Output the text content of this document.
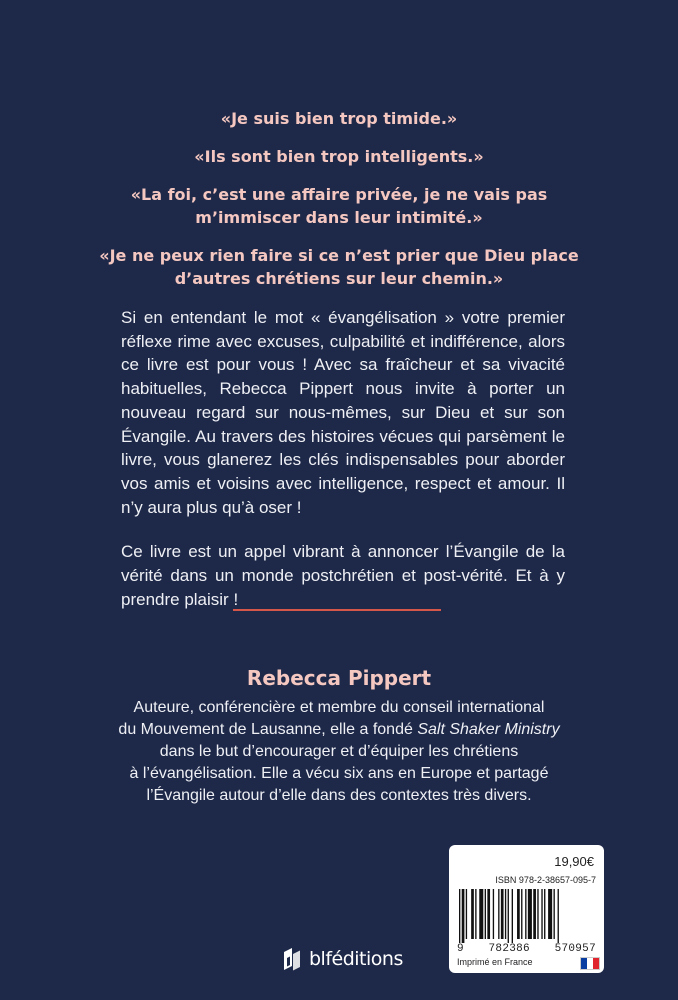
«Je suis bien trop timide.»
«Ils sont bien trop intelligents.»
«La foi, c’est une affaire privée, je ne vais pas
m’immiscer dans leur intimité.»
«Je ne peux rien faire si ce n’est prier que Dieu place
d’autres chrétiens sur leur chemin.»

Si en entendant le mot « évangélisation » votre premier réflexe rime avec excuses, culpabilité et indifférence, alors ce livre est pour vous ! Avec sa fraîcheur et sa vivacité habituelles, Rebecca Pippert nous invite à porter un nouveau regard sur nous-mêmes, sur Dieu et sur son Évangile. Au travers des histoires vécues qui parsèment le livre, vous glanerez les clés indispensables pour aborder vos amis et voisins avec intelligence, respect et amour. Il n’y aura plus qu’à oser !

Ce livre est un appel vibrant à annoncer l’Évangile de la vérité dans un monde postchrétien et post-vérité. Et à y prendre plaisir !

Rebecca Pippert
Auteure, conférencière et membre du conseil international
du Mouvement de Lausanne, elle a fondé Salt Shaker Ministry
dans le but d’encourager et d’équiper les chrétiens
à l’évangélisation. Elle a vécu six ans en Europe et partagé
l’Évangile autour d’elle dans des contextes très divers.
blféditions
19,90€
ISBN 978-2-38657-095-7
9 782386 570957
Imprimé en France
